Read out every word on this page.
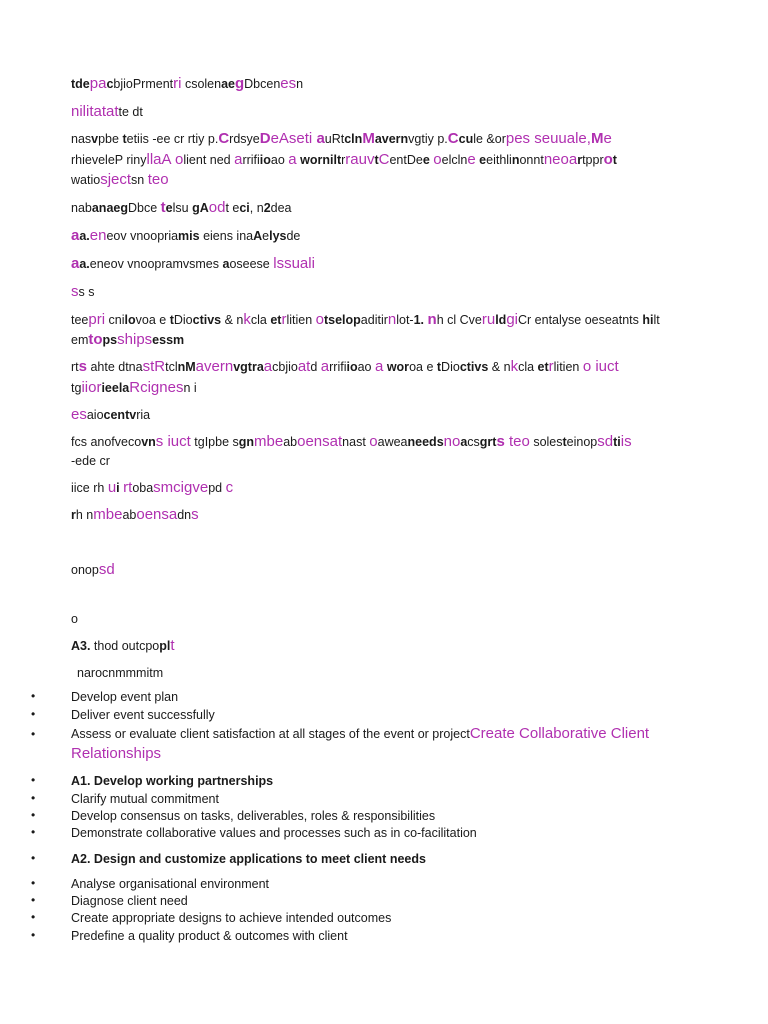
tdepacbjioPrmentri csolenaegDbcenesn
nilitatatte dt
nasvpbe tetiis -ee cr rtiy p.CrdsyeDeAseti auRtclnMavernvgtiy p.Ccule &orpes seuuale,Me
rhieveleP rinyllaA olient ned arrifiioao a worniltrrauvtCentDee oelclne eeithlinonntneoartpprot
watiosjectsn teo
nabanaegDbce telsu gAodt eci, n2dea
aa.eneov vnoopriamis eiens inaAelysde
aa.eneov vnoopramvsmes aoseese lssuali
ss s
teepri cnilovoa e tDioctivs & nkcla etrlitien otselopaditirnlot-1. nh cl CveruldgiCr entalyse oeseatnts hilt
emtopsshipsessm
rts ahte dtnastRtclnMavernvgtraacbjioatd arrifiioao a woroa e tDioctivs & nkcla etrlitien o iuct
tgiiorieelaRcignesn i
esaiocentvria
fcs anofvecovns iuct tgIpbe sgnmbeaboensatnast oaweaneedsnoacsgrts teo solesteinopsdtiis
-ede cr
iice rh ui rtobasmcigvepd c
rh nmbeaboensadns
onopsd
o
A3. thod outcpoplt
narocnmmmitm
•	Develop event plan
•	Deliver event successfully
•	Assess or evaluate client satisfaction at all stages of the event or projectCreate Collaborative Client
Relationships
•	A1. Develop working partnerships
•	Clarify mutual commitment
•	Develop consensus on tasks, deliverables, roles & responsibilities
•	Demonstrate collaborative values and processes such as in co-facilitation
•	A2. Design and customize applications to meet client needs
•	Analyse organisational environment
•	Diagnose client need
•	Create appropriate designs to achieve intended outcomes
•	Predefine a quality product & outcomes with client
